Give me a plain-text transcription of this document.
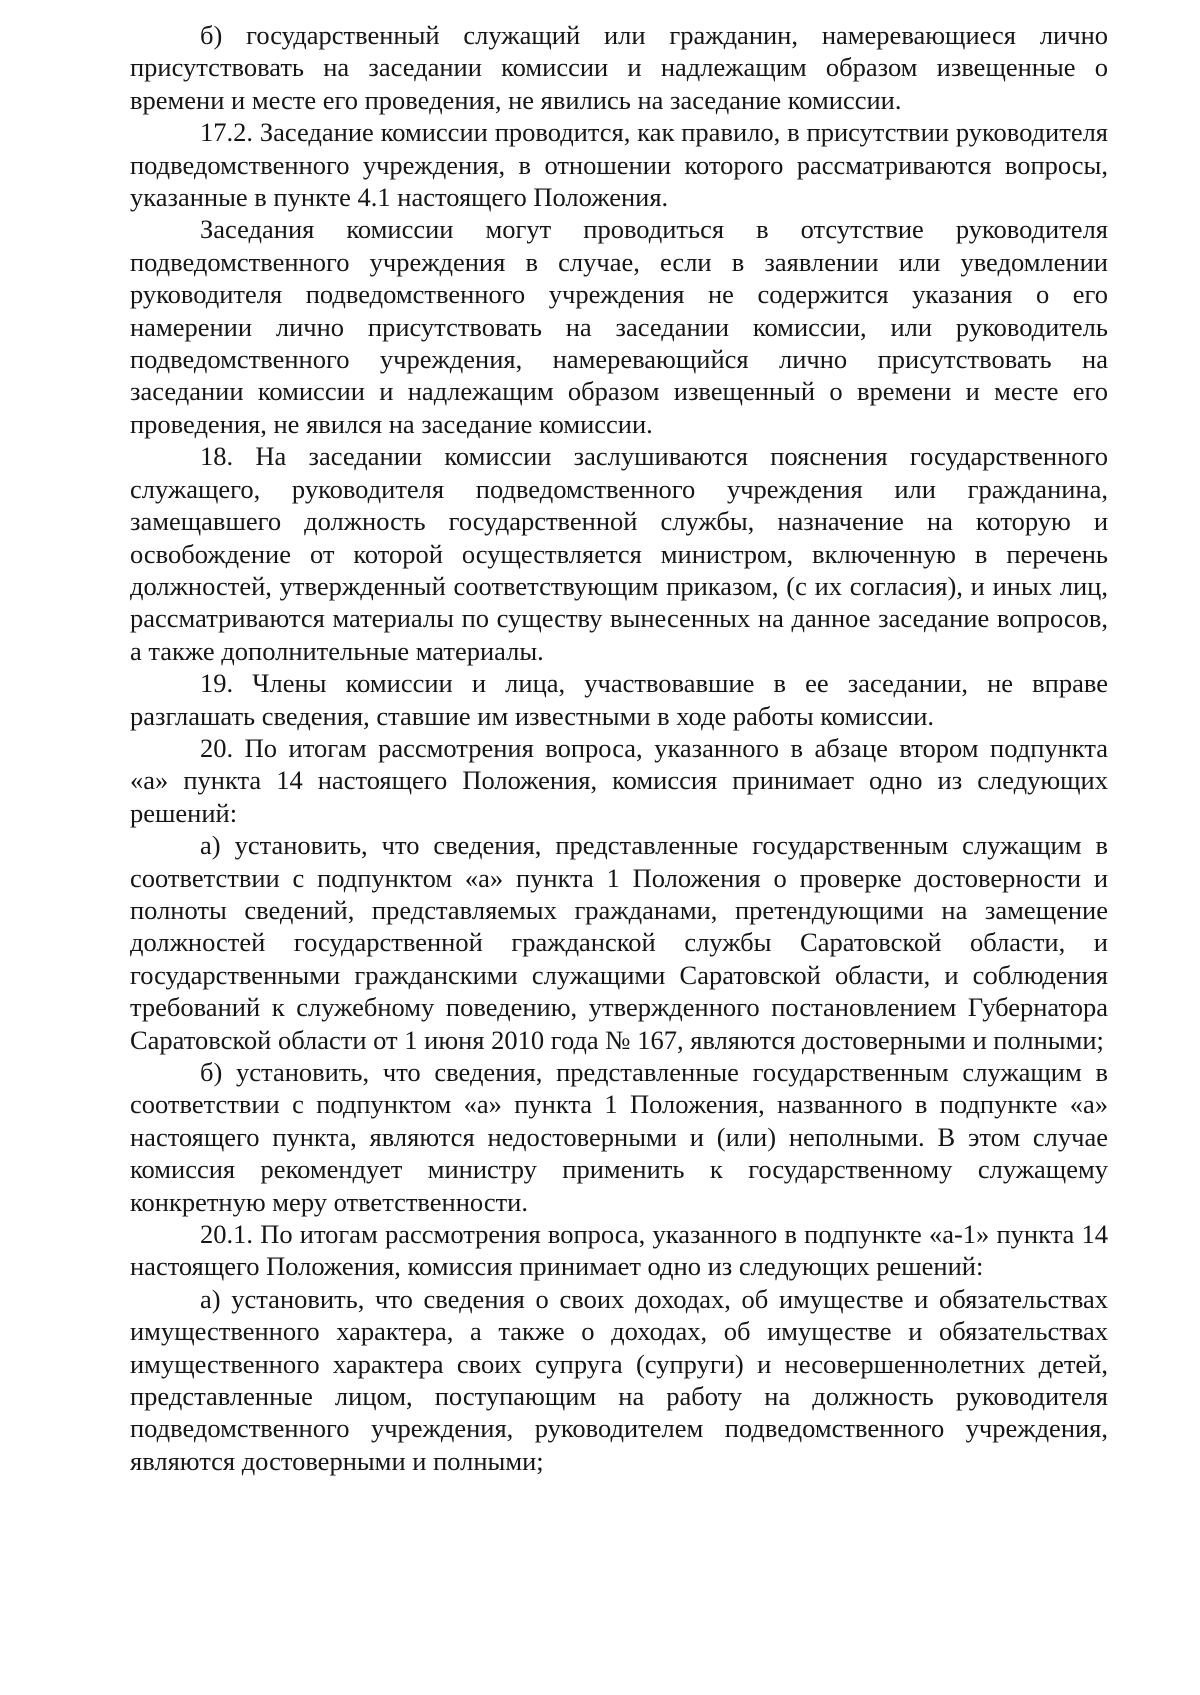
б) государственный служащий или гражданин, намеревающиеся лично присутствовать на заседании комиссии и надлежащим образом извещенные о времени и месте его проведения, не явились на заседание комиссии.

17.2. Заседание комиссии проводится, как правило, в присутствии руководителя подведомственного учреждения, в отношении которого рассматриваются вопросы, указанные в пункте 4.1 настоящего Положения.

Заседания комиссии могут проводиться в отсутствие руководителя подведомственного учреждения в случае, если в заявлении или уведомлении руководителя подведомственного учреждения не содержится указания о его намерении лично присутствовать на заседании комиссии, или руководитель подведомственного учреждения, намеревающийся лично присутствовать на заседании комиссии и надлежащим образом извещенный о времени и месте его проведения, не явился на заседание комиссии.

18. На заседании комиссии заслушиваются пояснения государственного служащего, руководителя подведомственного учреждения или гражданина, замещавшего должность государственной службы, назначение на которую и освобождение от которой осуществляется министром, включенную в перечень должностей, утвержденный соответствующим приказом, (с их согласия), и иных лиц, рассматриваются материалы по существу вынесенных на данное заседание вопросов, а также дополнительные материалы.

19. Члены комиссии и лица, участвовавшие в ее заседании, не вправе разглашать сведения, ставшие им известными в ходе работы комиссии.

20. По итогам рассмотрения вопроса, указанного в абзаце втором подпункта «а» пункта 14 настоящего Положения, комиссия принимает одно из следующих решений:

а) установить, что сведения, представленные государственным служащим в соответствии с подпунктом «а» пункта 1 Положения о проверке достоверности и полноты сведений, представляемых гражданами, претендующими на замещение должностей государственной гражданской службы Саратовской области, и государственными гражданскими служащими Саратовской области, и соблюдения требований к служебному поведению, утвержденного постановлением Губернатора Саратовской области от 1 июня 2010 года № 167, являются достоверными и полными;

б) установить, что сведения, представленные государственным служащим в соответствии с подпунктом «а» пункта 1 Положения, названного в подпункте «а» настоящего пункта, являются недостоверными и (или) неполными. В этом случае комиссия рекомендует министру применить к государственному служащему конкретную меру ответственности.

20.1. По итогам рассмотрения вопроса, указанного в подпункте «а-1» пункта 14 настоящего Положения, комиссия принимает одно из следующих решений:

а) установить, что сведения о своих доходах, об имуществе и обязательствах имущественного характера, а также о доходах, об имуществе и обязательствах имущественного характера своих супруга (супруги) и несовершеннолетних детей, представленные лицом, поступающим на работу на должность руководителя подведомственного учреждения, руководителем подведомственного учреждения, являются достоверными и полными;
